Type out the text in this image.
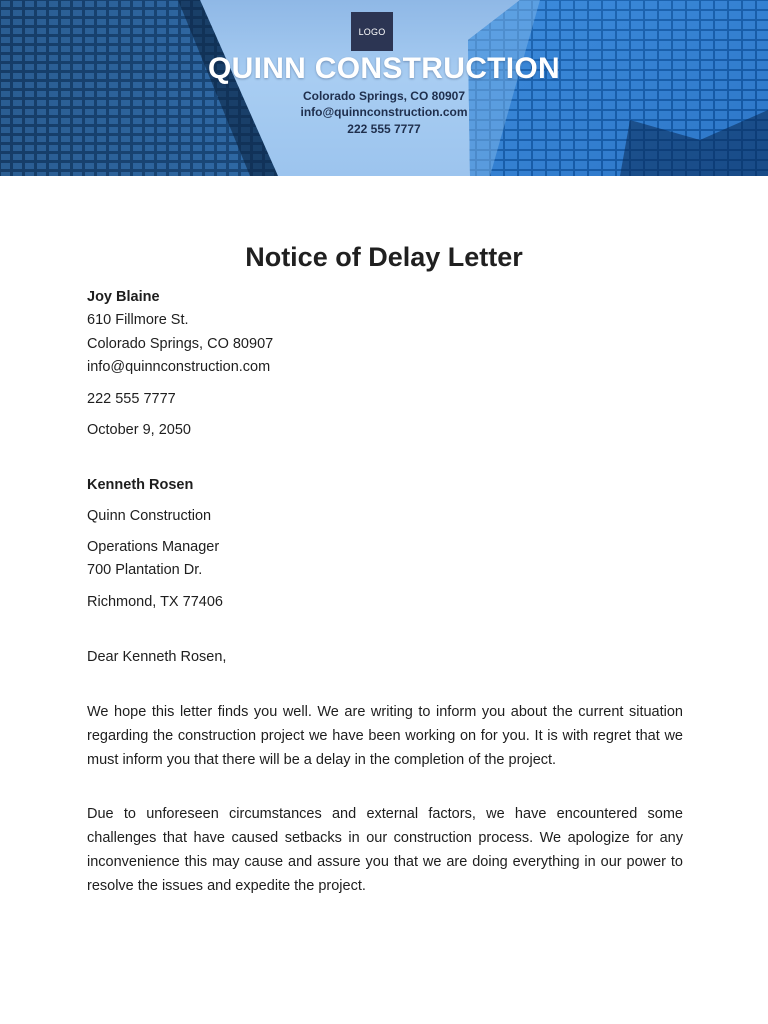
LOGO
QUINN CONSTRUCTION
Colorado Springs, CO 80907
info@quinnconstruction.com
222 555 7777
Notice of Delay Letter
Joy Blaine
610 Fillmore St.
Colorado Springs, CO 80907
info@quinnconstruction.com
222 555 7777
October 9, 2050
Kenneth Rosen
Quinn Construction
Operations Manager
700 Plantation Dr.
Richmond, TX 77406
Dear Kenneth Rosen,
We hope this letter finds you well. We are writing to inform you about the current situation regarding the construction project we have been working on for you. It is with regret that we must inform you that there will be a delay in the completion of the project.
Due to unforeseen circumstances and external factors, we have encountered some challenges that have caused setbacks in our construction process. We apologize for any inconvenience this may cause and assure you that we are doing everything in our power to resolve the issues and expedite the project.
